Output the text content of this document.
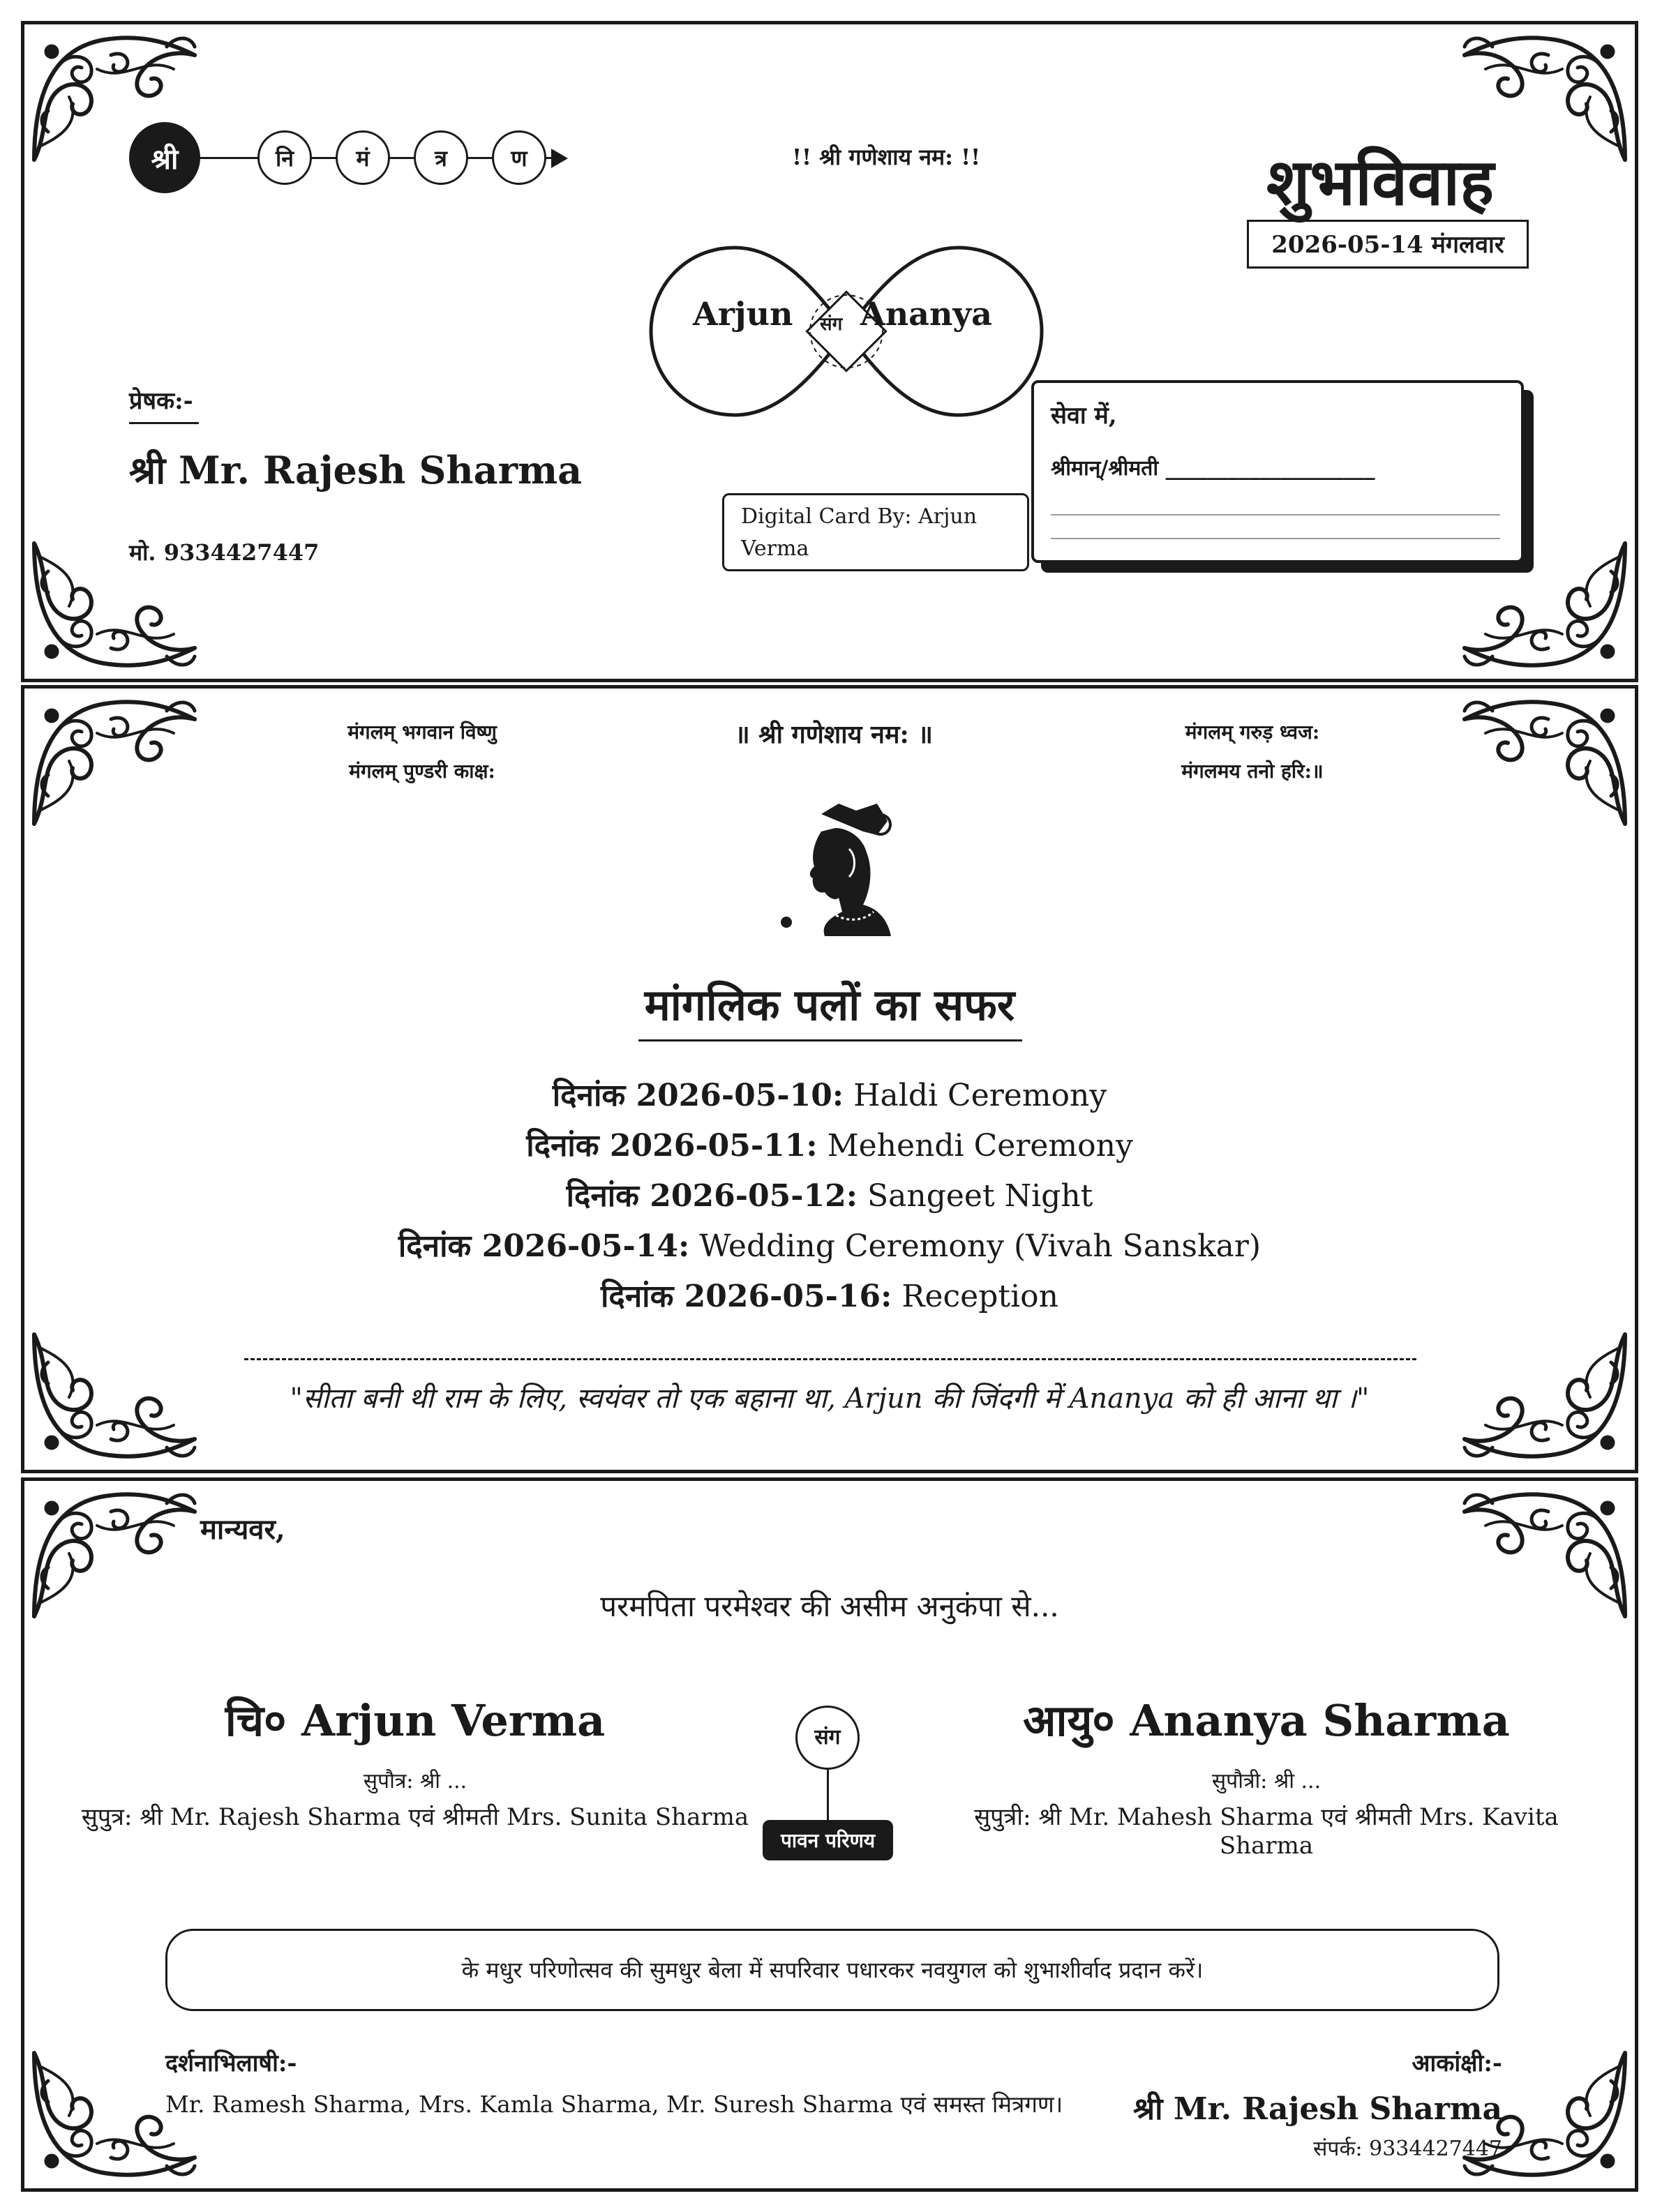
श्री	नि	मं	त्र	ण	!! श्री गणेशाय नम: !!	शुभविवाह
2026-05-14 मंगलवार
Arjun संग Ananya
प्रेषक:-
श्री Mr. Rajesh Sharma
मो. 9334427447
Digital Card By: Arjun Verma
सेवा में,
श्रीमान्/श्रीमती ____________________
मंगलम् भगवान विष्णु
मंगलम् पुण्डरी काक्ष:
॥ श्री गणेशाय नम: ॥	मंगलम् गरुड़ ध्वज:
मंगलमय तनो हरि:॥
मांगलिक पलों का सफर
दिनांक 2026-05-10: Haldi Ceremony
दिनांक 2026-05-11: Mehendi Ceremony
दिनांक 2026-05-12: Sangeet Night
दिनांक 2026-05-14: Wedding Ceremony (Vivah Sanskar)
दिनांक 2026-05-16: Reception
"सीता बनी थी राम के लिए, स्वयंवर तो एक बहाना था, Arjun की जिंदगी में Ananya को ही आना था ।"
मान्यवर,
परमपिता परमेश्वर की असीम अनुकंपा से...
चि० Arjun Verma
सुपौत्र: श्री ...
सुपुत्र: श्री Mr. Rajesh Sharma एवं श्रीमती Mrs. Sunita Sharma
संग
पावन परिणय
आयु० Ananya Sharma
सुपौत्री: श्री ...
सुपुत्री: श्री Mr. Mahesh Sharma एवं श्रीमती Mrs. Kavita Sharma
के मधुर परिणोत्सव की सुमधुर बेला में सपरिवार पधारकर नवयुगल को शुभाशीर्वाद प्रदान करें।
दर्शनाभिलाषी:-
Mr. Ramesh Sharma, Mrs. Kamla Sharma, Mr. Suresh Sharma एवं समस्त मित्रगण।
आकांक्षी:-
श्री Mr. Rajesh Sharma
संपर्क: 9334427447
